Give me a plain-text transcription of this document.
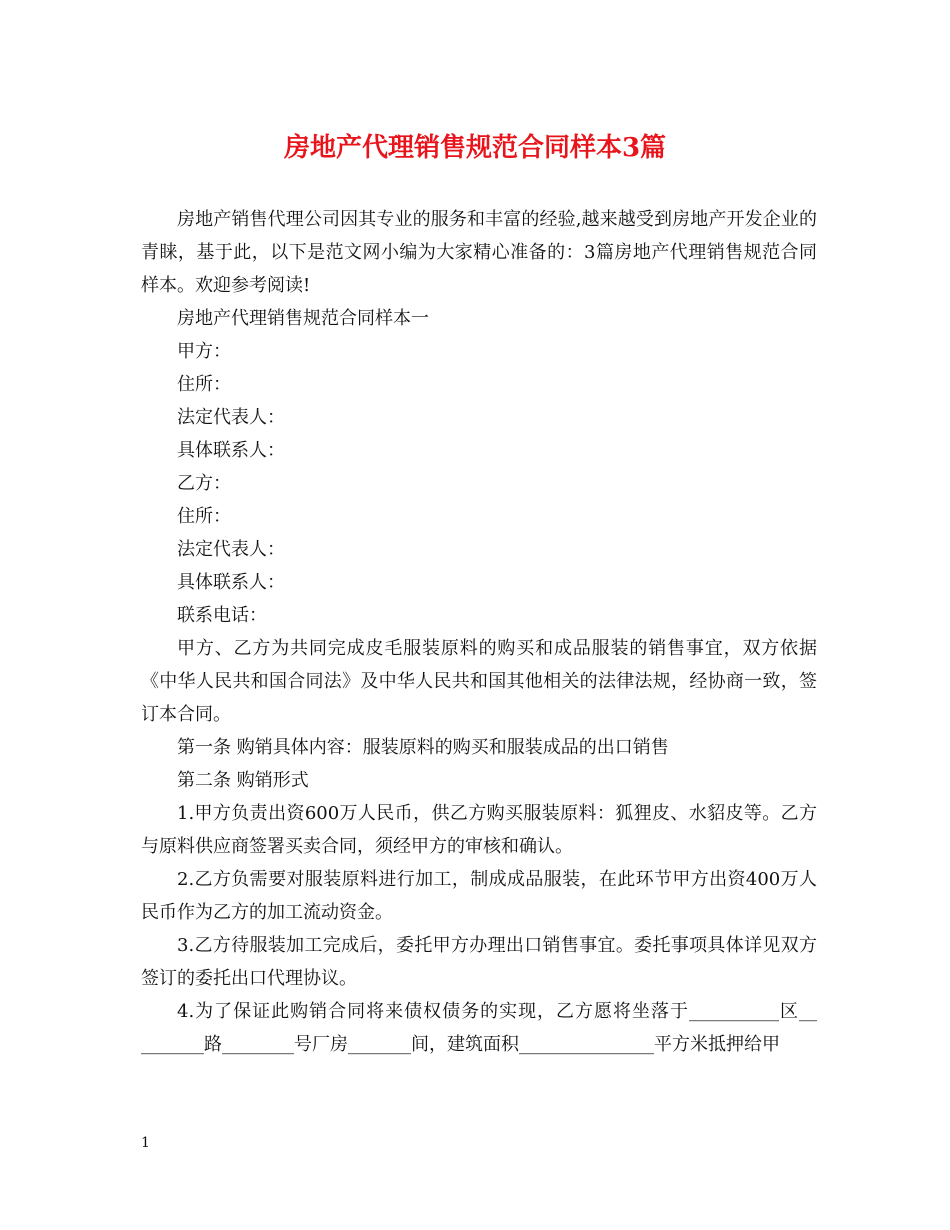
房地产代理销售规范合同样本3篇

房地产销售代理公司因其专业的服务和丰富的经验,越来越受到房地产开发企业的青睐，基于此，以下是范文网小编为大家精心准备的：3篇房地产代理销售规范合同样本。欢迎参考阅读!

房地产代理销售规范合同样本一

甲方：

住所：

法定代表人：

具体联系人：

乙方：

住所：

法定代表人：

具体联系人：

联系电话：

甲方、乙方为共同完成皮毛服装原料的购买和成品服装的销售事宜，双方依据《中华人民共和国合同法》及中华人民共和国其他相关的法律法规，经协商一致，签订本合同。

第一条 购销具体内容：服装原料的购买和服装成品的出口销售

第二条 购销形式

1.甲方负责出资600万人民币，供乙方购买服装原料：狐狸皮、水貂皮等。乙方与原料供应商签署买卖合同，须经甲方的审核和确认。

2.乙方负需要对服装原料进行加工，制成成品服装，在此环节甲方出资400万人民币作为乙方的加工流动资金。

3.乙方待服装加工完成后，委托甲方办理出口销售事宜。委托事项具体详见双方签订的委托出口代理协议。

4.为了保证此购销合同将来债权债务的实现，乙方愿将坐落于__________区__ _______路________号厂房_______间，建筑面积_______________平方米抵押给甲

1
